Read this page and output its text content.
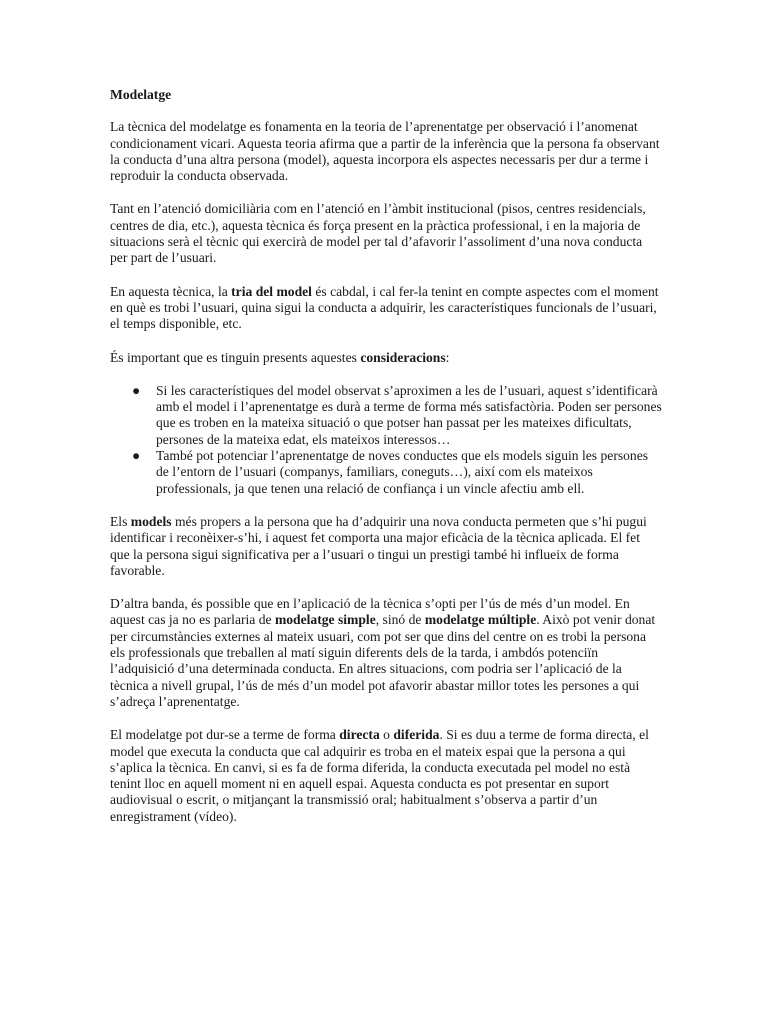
Modelatge

La tècnica del modelatge es fonamenta en la teoria de l’aprenentatge per observació i l’anomenat condicionament vicari. Aquesta teoria afirma que a partir de la inferència que la persona fa observant la conducta d’una altra persona (model), aquesta incorpora els aspectes necessaris per dur a terme i reproduir la conducta observada.

Tant en l’atenció domiciliària com en l’atenció en l’àmbit institucional (pisos, centres residencials, centres de dia, etc.), aquesta tècnica és força present en la pràctica professional, i en la majoria de situacions serà el tècnic qui exercirà de model per tal d’afavorir l’assoliment d’una nova conducta per part de l’usuari.

En aquesta tècnica, la tria del model és cabdal, i cal fer-la tenint en compte aspectes com el moment en què es trobi l’usuari, quina sigui la conducta a adquirir, les característiques funcionals de l’usuari, el temps disponible, etc.

És important que es tinguin presents aquestes consideracions:

● Si les característiques del model observat s’aproximen a les de l’usuari, aquest s’identificarà amb el model i l’aprenentatge es durà a terme de forma més satisfactòria. Poden ser persones que es troben en la mateixa situació o que potser han passat per les mateixes dificultats, persones de la mateixa edat, els mateixos interessos…
● També pot potenciar l’aprenentatge de noves conductes que els models siguin les persones de l’entorn de l’usuari (companys, familiars, coneguts…), així com els mateixos professionals, ja que tenen una relació de confiança i un vincle afectiu amb ell.

Els models més propers a la persona que ha d’adquirir una nova conducta permeten que s’hi pugui identificar i reconèixer-s’hi, i aquest fet comporta una major eficàcia de la tècnica aplicada. El fet que la persona sigui significativa per a l’usuari o tingui un prestigi també hi influeix de forma favorable.

D’altra banda, és possible que en l’aplicació de la tècnica s’opti per l’ús de més d’un model. En aquest cas ja no es parlaria de modelatge simple, sinó de modelatge múltiple. Això pot venir donat per circumstàncies externes al mateix usuari, com pot ser que dins del centre on es trobi la persona els professionals que treballen al matí siguin diferents dels de la tarda, i ambdós potenciïn l’adquisició d’una determinada conducta. En altres situacions, com podria ser l’aplicació de la tècnica a nivell grupal, l’ús de més d’un model pot afavorir abastar millor totes les persones a qui s’adreça l’aprenentatge.

El modelatge pot dur-se a terme de forma directa o diferida. Si es duu a terme de forma directa, el model que executa la conducta que cal adquirir es troba en el mateix espai que la persona a qui s’aplica la tècnica. En canvi, si es fa de forma diferida, la conducta executada pel model no està tenint lloc en aquell moment ni en aquell espai. Aquesta conducta es pot presentar en suport audiovisual o escrit, o mitjançant la transmissió oral; habitualment s’observa a partir d’un enregistrament (vídeo).
